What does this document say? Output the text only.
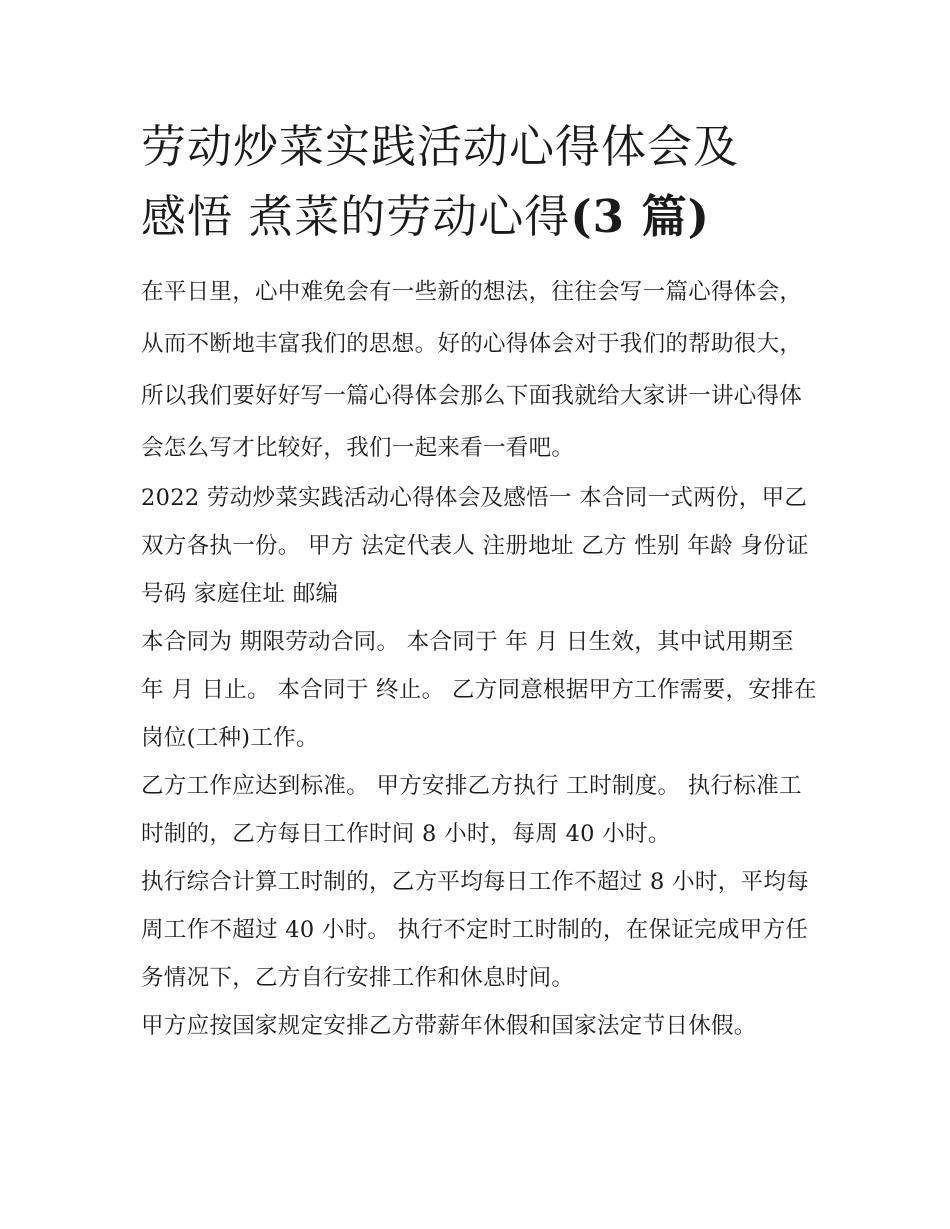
劳动炒菜实践活动心得体会及
感悟 煮菜的劳动心得(3 篇)

在平日里，心中难免会有一些新的想法，往往会写一篇心得体会，从而不断地丰富我们的思想。好的心得体会对于我们的帮助很大，所以我们要好好写一篇心得体会那么下面我就给大家讲一讲心得体会怎么写才比较好，我们一起来看一看吧。

2022 劳动炒菜实践活动心得体会及感悟一 本合同一式两份，甲乙双方各执一份。 甲方 法定代表人 注册地址 乙方 性别 年龄 身份证号码 家庭住址 邮编

本合同为 期限劳动合同。 本合同于 年 月 日生效，其中试用期至 年 月 日止。 本合同于 终止。 乙方同意根据甲方工作需要，安排在岗位(工种)工作。

乙方工作应达到标准。 甲方安排乙方执行 工时制度。 执行标准工时制的，乙方每日工作时间 8 小时，每周 40 小时。

执行综合计算工时制的，乙方平均每日工作不超过 8 小时，平均每周工作不超过 40 小时。 执行不定时工时制的，在保证完成甲方任务情况下，乙方自行安排工作和休息时间。

甲方应按国家规定安排乙方带薪年休假和国家法定节日休假。
